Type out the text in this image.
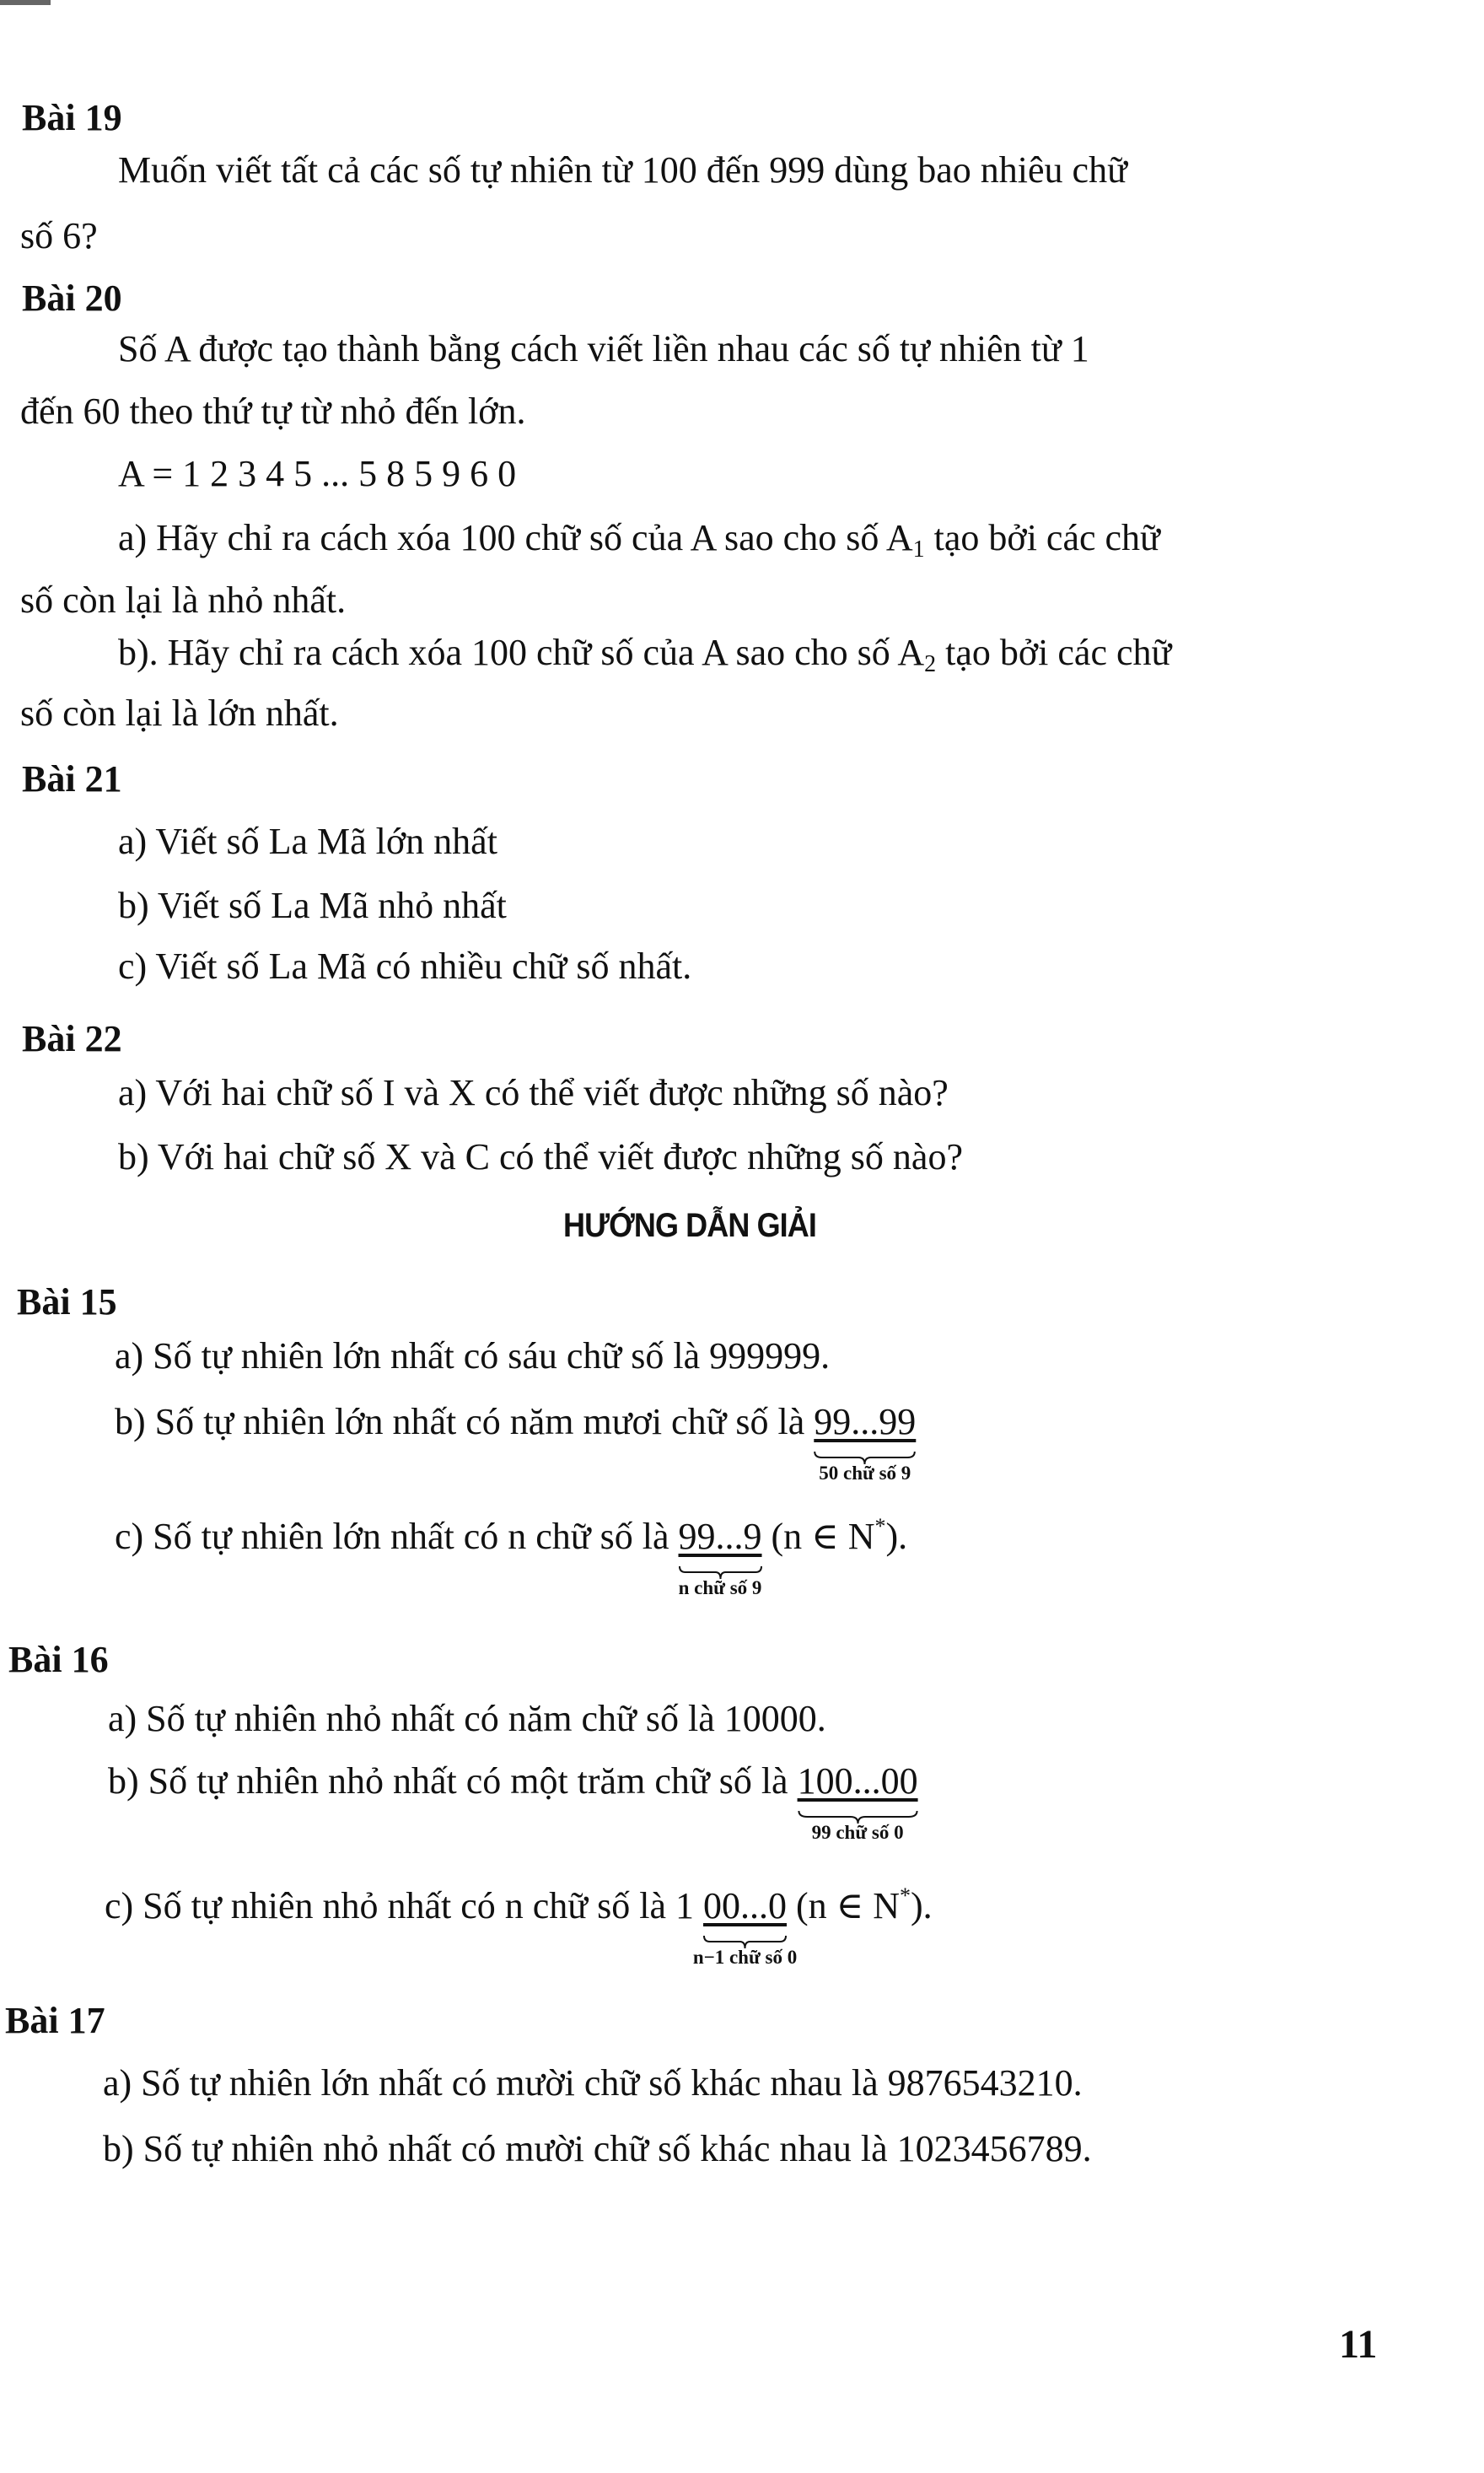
Bài 19
Muốn viết tất cả các số tự nhiên từ 100 đến 999 dùng bao nhiêu chữ
số 6?
Bài 20
Số A được tạo thành bằng cách viết liền nhau các số tự nhiên từ 1
đến 60 theo thứ tự từ nhỏ đến lớn.
A = 1 2 3 4 5 ... 5 8 5 9 6 0
a) Hãy chỉ ra cách xóa 100 chữ số của A sao cho số $A_1$ tạo bởi các chữ
số còn lại là nhỏ nhất.
b). Hãy chỉ ra cách xóa 100 chữ số của A sao cho số $A_2$ tạo bởi các chữ
số còn lại là lớn nhất.
Bài 21
a) Viết số La Mã lớn nhất
b) Viết số La Mã nhỏ nhất
c) Viết số La Mã có nhiều chữ số nhất.
Bài 22
a) Với hai chữ số I và X có thể viết được những số nào?
b) Với hai chữ số X và C có thể viết được những số nào?
HƯỚNG DẪN GIẢI
Bài 15
a) Số tự nhiên lớn nhất có sáu chữ số là 999999.
b) Số tự nhiên lớn nhất có năm mươi chữ số là 99...99
50 chữ số 9
c) Số tự nhiên lớn nhất có n chữ số là 99...9
n chữ số 9
(n ∈ N*).
Bài 16
a) Số tự nhiên nhỏ nhất có năm chữ số là 10000.
b) Số tự nhiên nhỏ nhất có một trăm chữ số là 100...00
99 chữ số 0
c) Số tự nhiên nhỏ nhất có n chữ số là 1 00...0
n−1 chữ số 0
(n ∈ N*).
Bài 17
a) Số tự nhiên lớn nhất có mười chữ số khác nhau là 9876543210.
b) Số tự nhiên nhỏ nhất có mười chữ số khác nhau là 1023456789.
11
